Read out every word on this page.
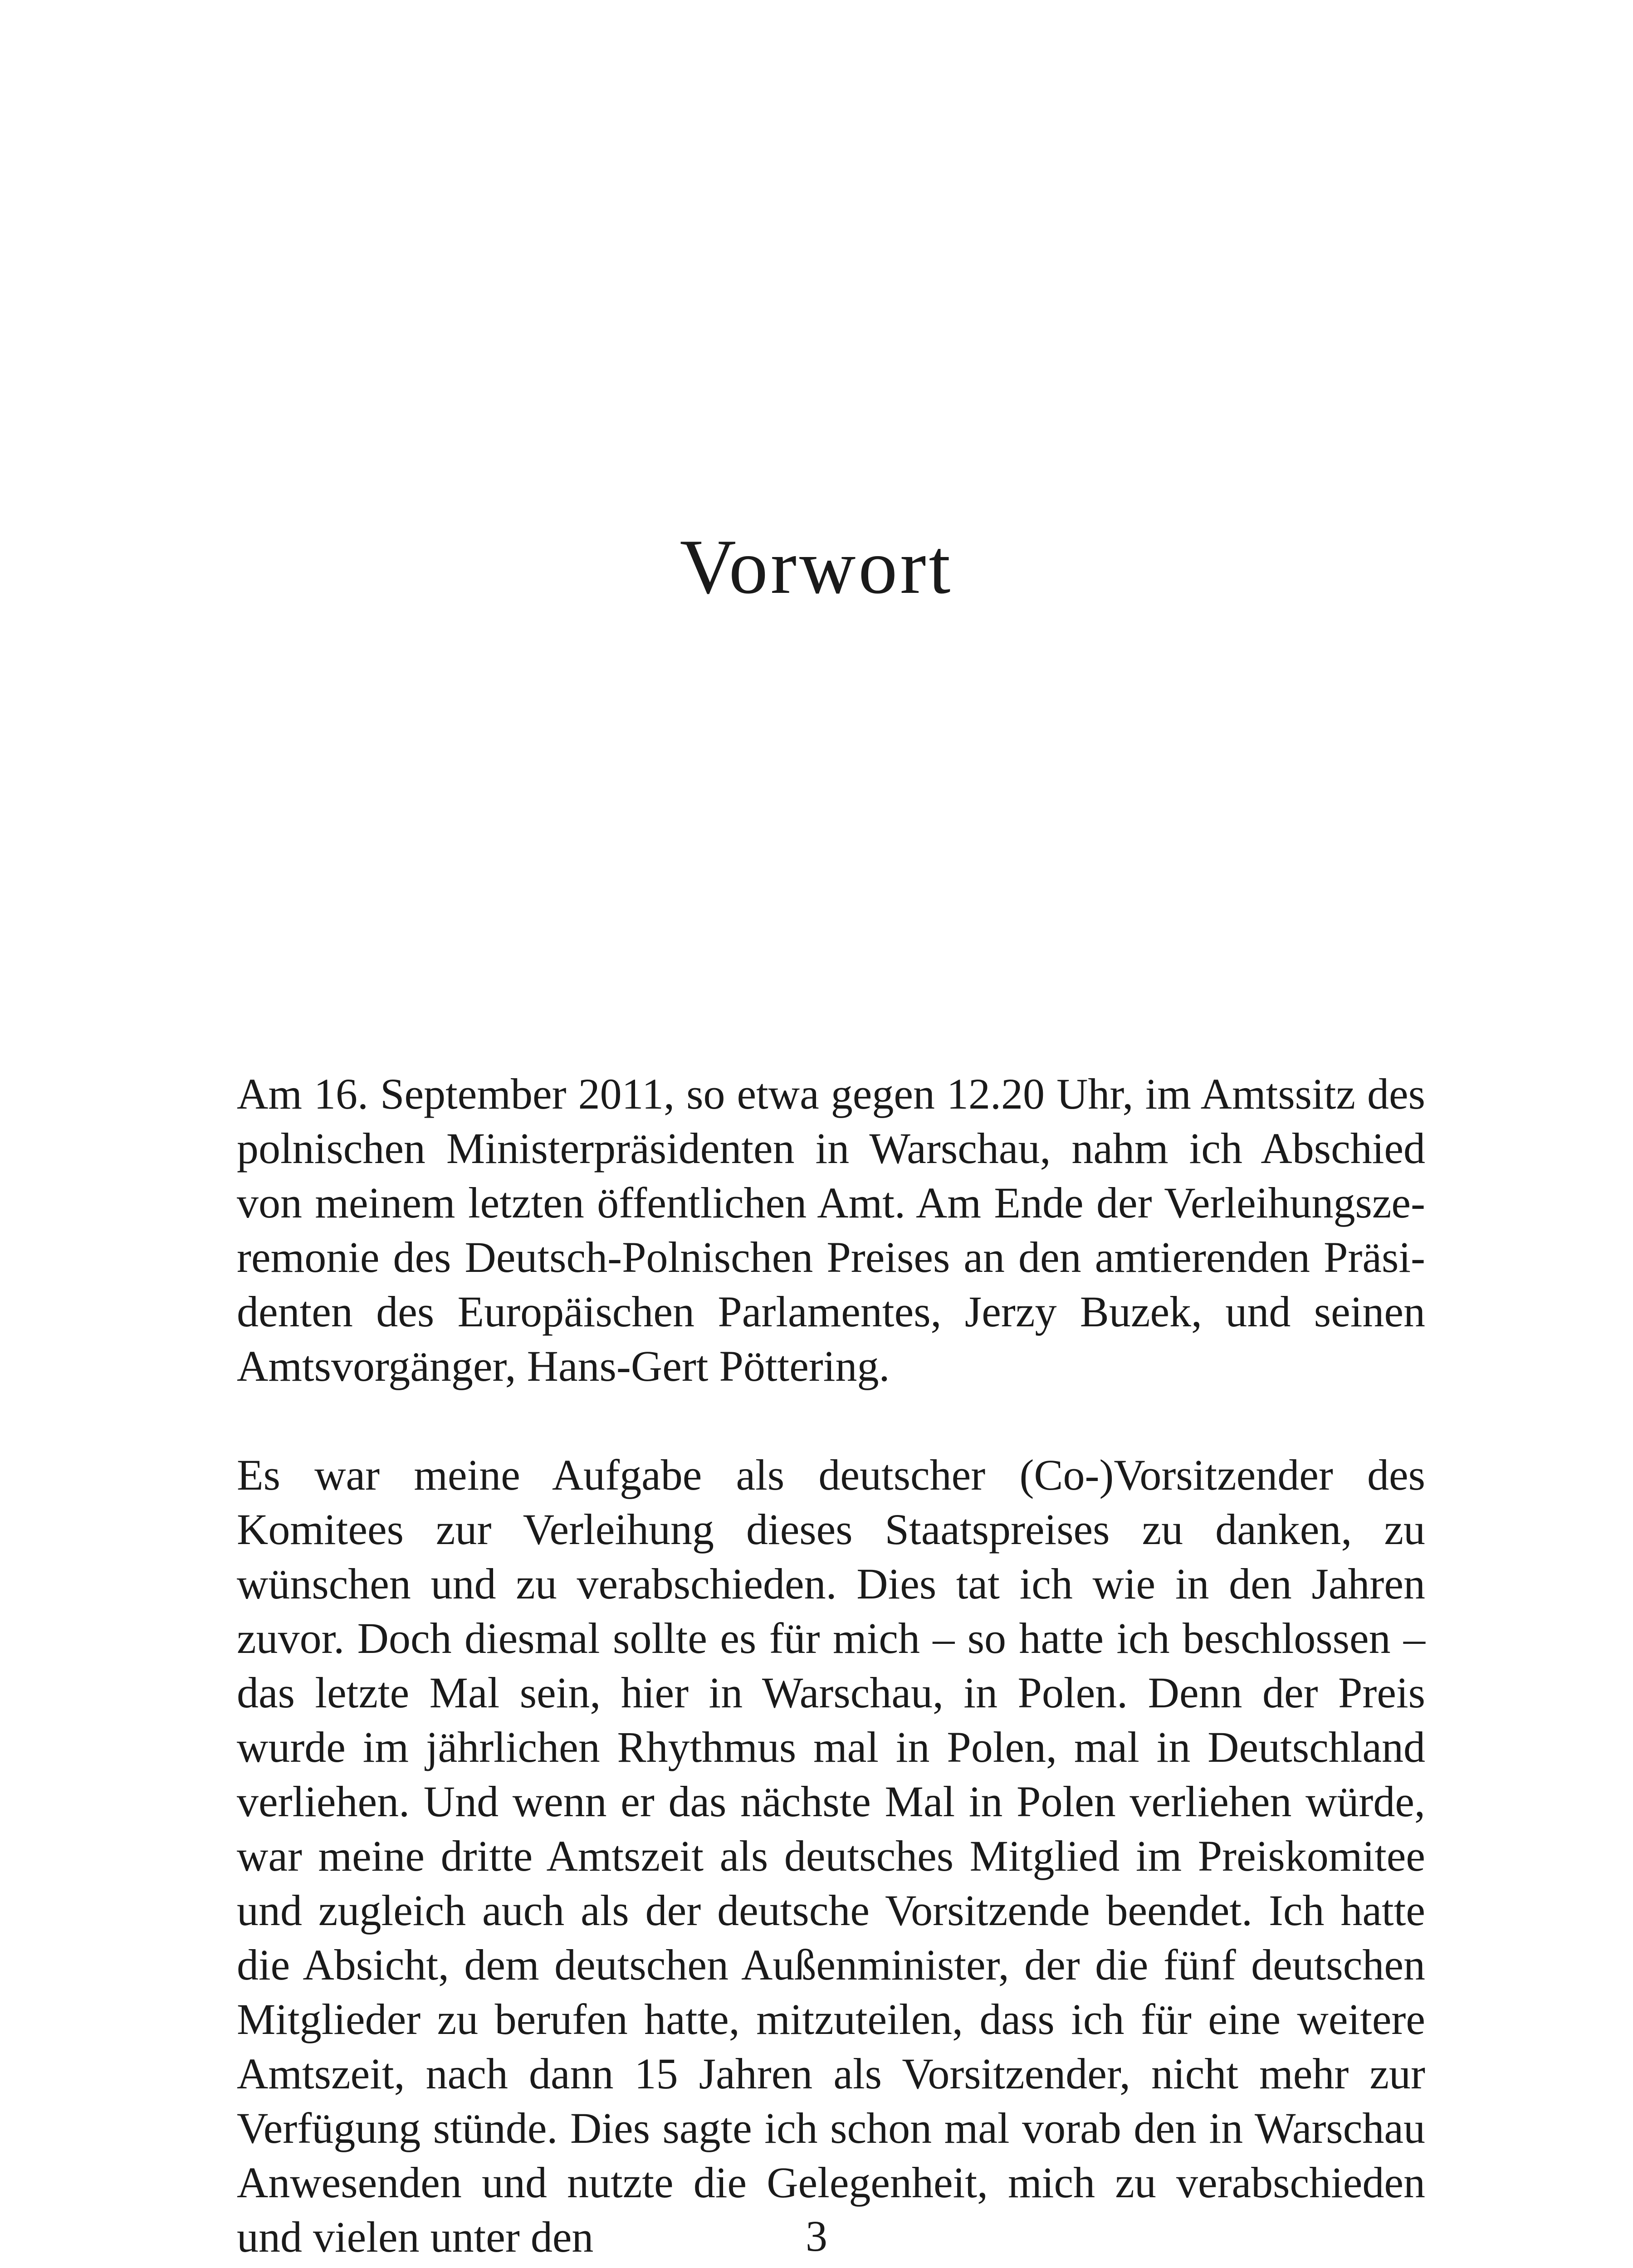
Vorwort

Am 16. September 2011, so etwa gegen 12.20 Uhr, im Amtssitz des polnischen Ministerpräsidenten in Warschau, nahm ich Abschied von meinem letzten öffentlichen Amt. Am Ende der Verleihungszeremonie des Deutsch-Polnischen Preises an den amtierenden Präsidenten des Europäischen Parlamentes, Jerzy Buzek, und seinen Amtsvorgänger, Hans-Gert Pöttering.

Es war meine Aufgabe als deutscher (Co-)Vorsitzender des Komitees zur Verleihung dieses Staatspreises zu danken, zu wünschen und zu verabschieden. Dies tat ich wie in den Jahren zuvor. Doch diesmal sollte es für mich – so hatte ich beschlossen – das letzte Mal sein, hier in Warschau, in Polen. Denn der Preis wurde im jährlichen Rhythmus mal in Polen, mal in Deutschland verliehen. Und wenn er das nächste Mal in Polen verliehen würde, war meine dritte Amtszeit als deutsches Mitglied im Preiskomitee und zugleich auch als der deutsche Vorsitzende beendet. Ich hatte die Absicht, dem deutschen Außenminister, der die fünf deutschen Mitglieder zu berufen hatte, mitzuteilen, dass ich für eine weitere Amtszeit, nach dann 15 Jahren als Vorsitzender, nicht mehr zur Verfügung stünde. Dies sagte ich schon mal vorab den in Warschau Anwesenden und nutzte die Gelegenheit, mich zu verabschieden und vielen unter den	3
